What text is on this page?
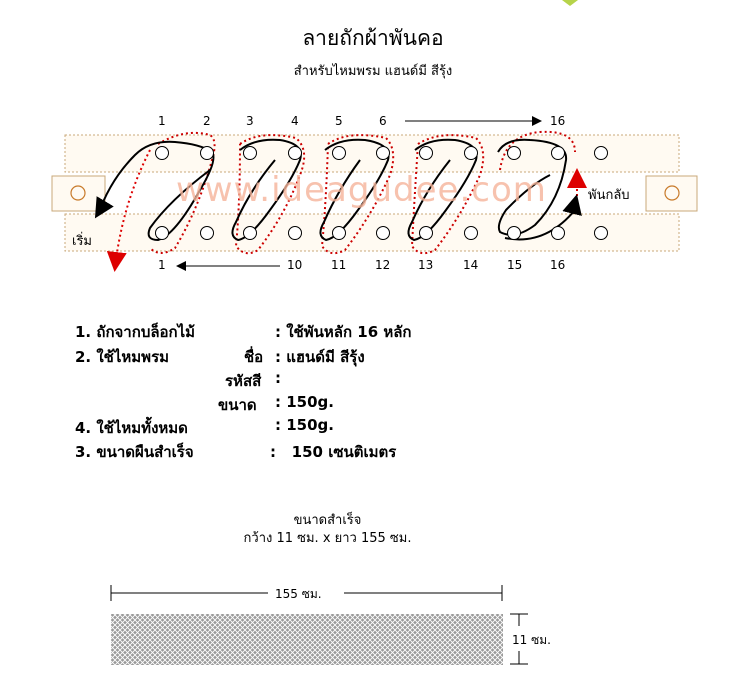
ลายถักผ้าพันคอ
สำหรับไหมพรม แฮนด์มี สีรุ้ง
www.ideagudee.com
1	2	3	4	5	6	16
1	10 11 12 13 14 15 16
เริ่ม
พันกลับ
1. ถักจากบล็อกไม้	: ใช้พันหลัก 16 หลัก
2. ใช้ไหมพรม	ชื่อ : แฮนด์มี สีรุ้ง
รหัสสี :
ขนาด : 150g.
4. ใช้ไหมทั้งหมด	: 150g.
3. ขนาดผืนสำเร็จ	:   150 เซนติเมตร
ขนาดสำเร็จ
กว้าง 11 ซม. x ยาว 155 ซม.
155 ซม.
11 ซม.
